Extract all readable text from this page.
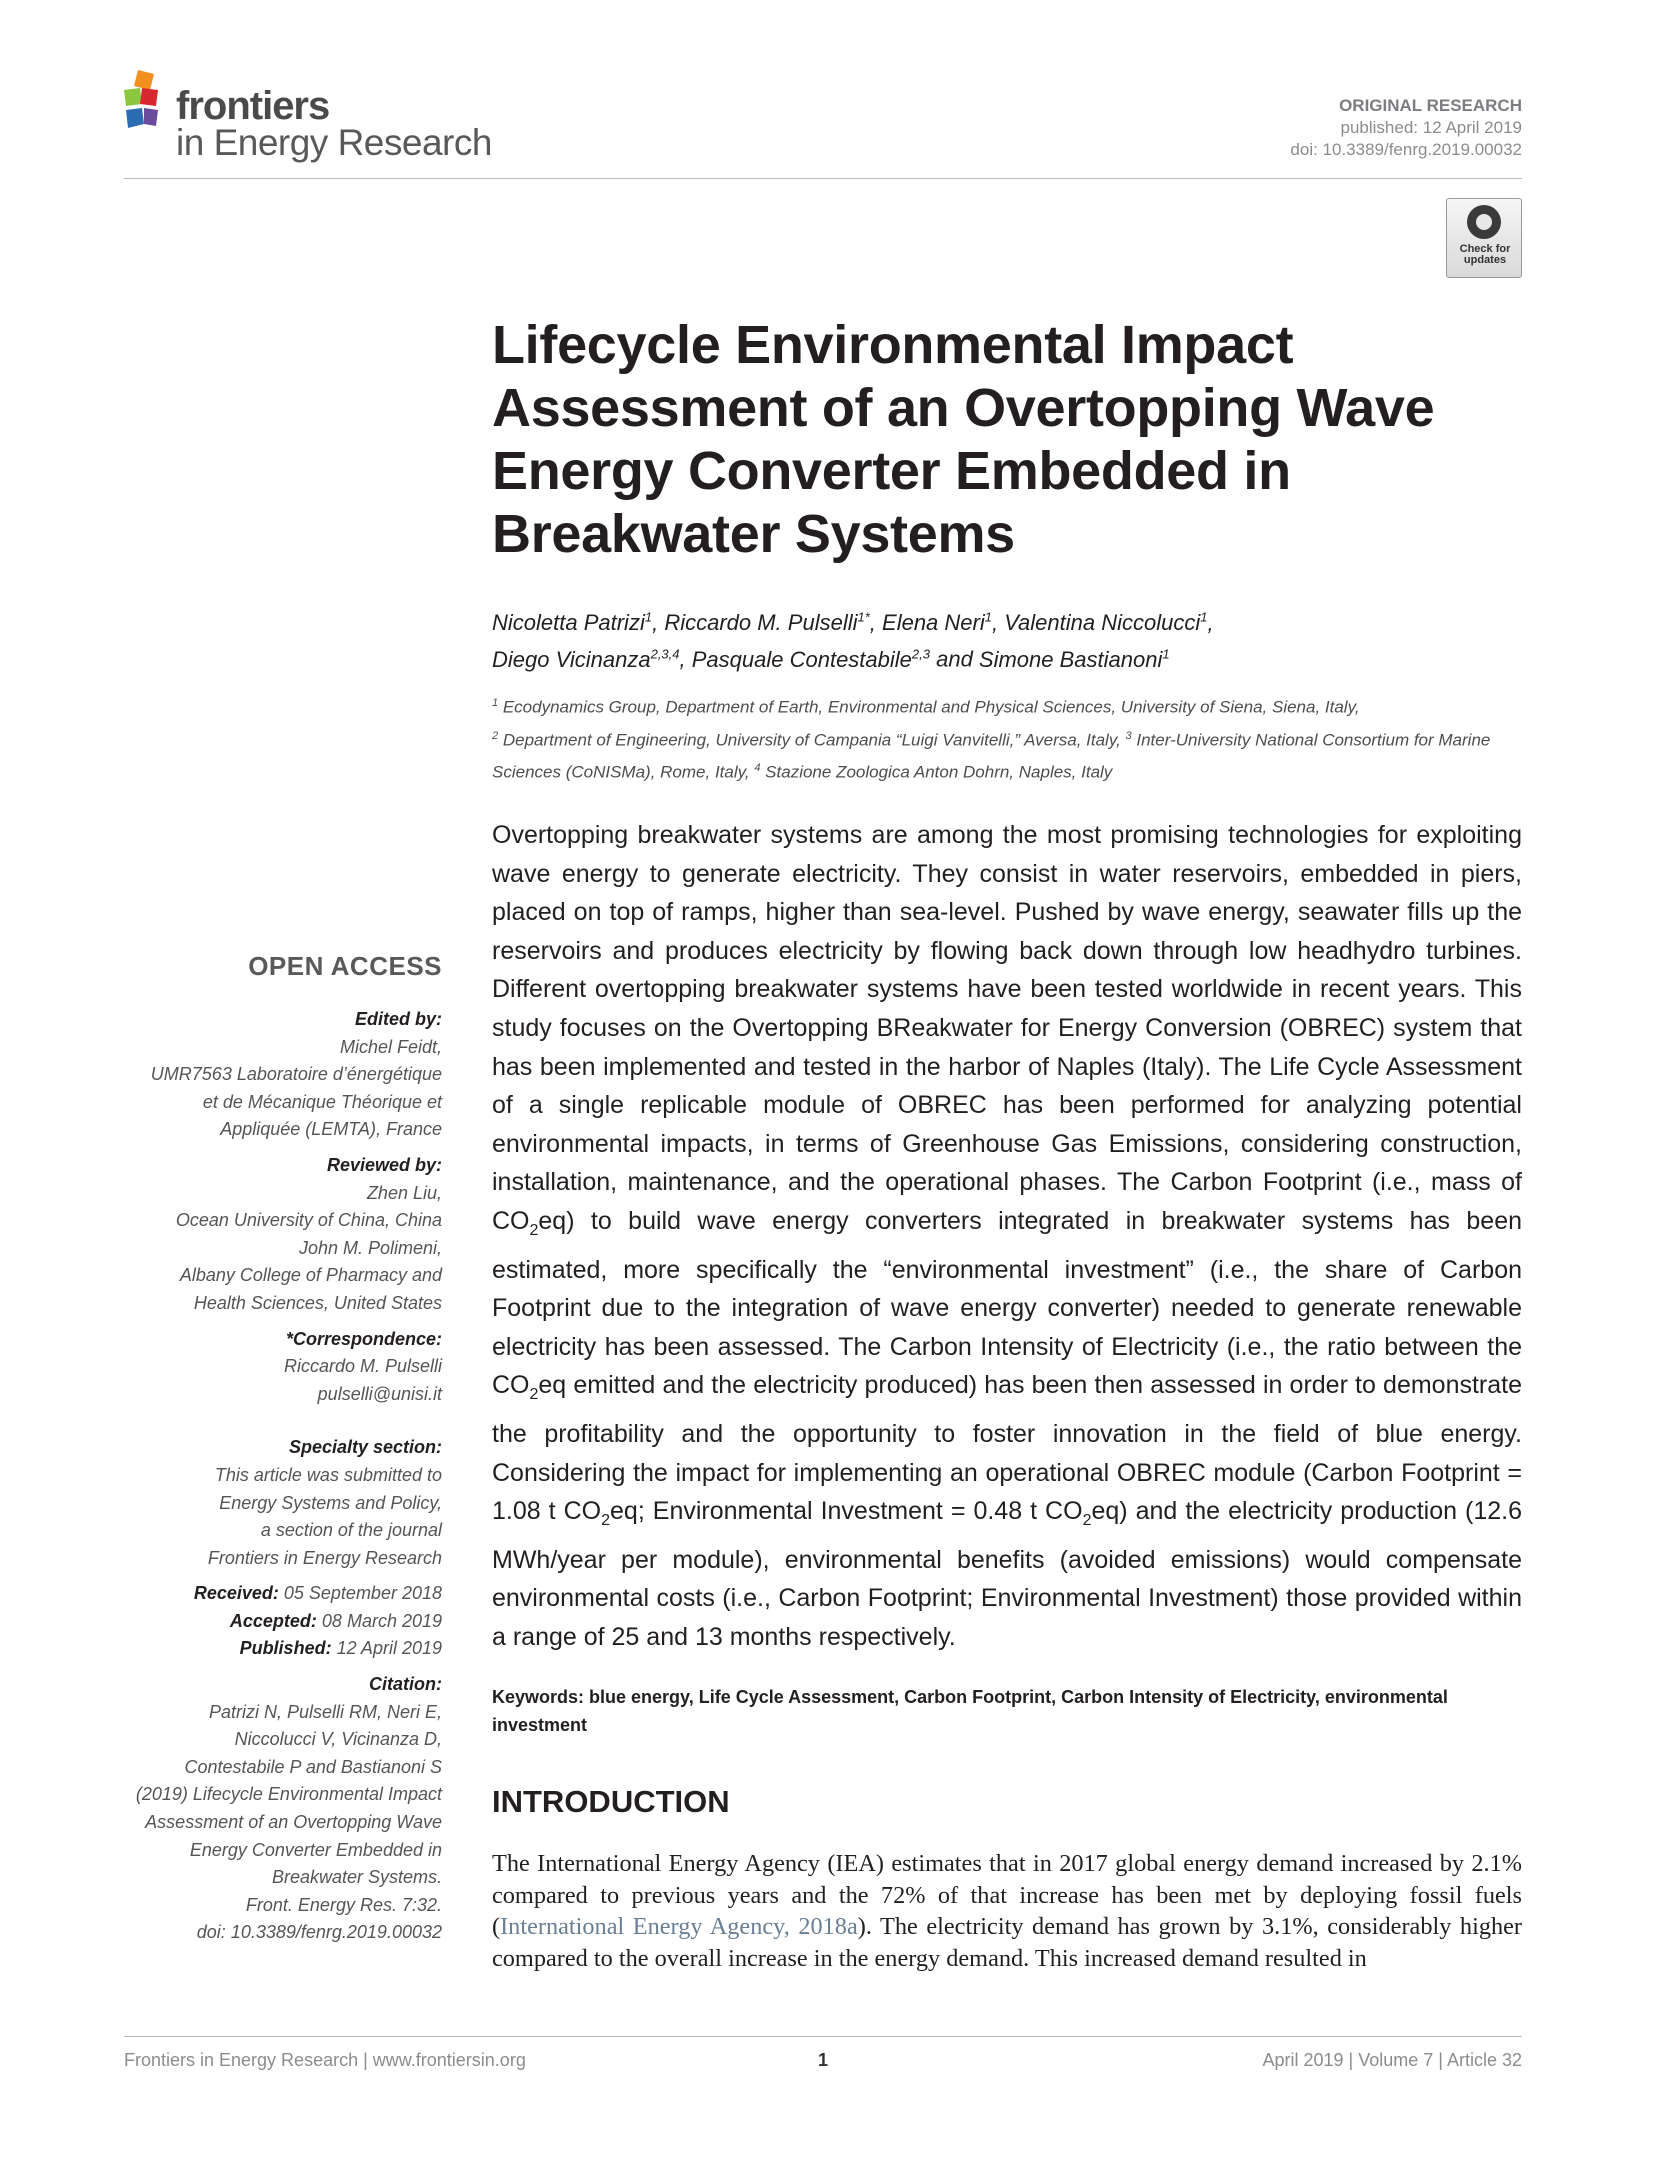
frontiers
in Energy Research
ORIGINAL RESEARCH
published: 12 April 2019
doi: 10.3389/fenrg.2019.00032
Check for updates
Lifecycle Environmental Impact Assessment of an Overtopping Wave Energy Converter Embedded in Breakwater Systems
Nicoletta Patrizi$^1$, Riccardo M. Pulselli$^{1*}$, Elena Neri$^1$, Valentina Niccolucci$^1$,
Diego Vicinanza$^{2,3,4}$, Pasquale Contestabile$^{2,3}$ and Simone Bastianoni$^1$
$^1$ Ecodynamics Group, Department of Earth, Environmental and Physical Sciences, University of Siena, Siena, Italy,
$^2$ Department of Engineering, University of Campania “Luigi Vanvitelli,” Aversa, Italy, $^3$ Inter-University National Consortium for Marine Sciences (CoNISMa), Rome, Italy, $^4$ Stazione Zoologica Anton Dohrn, Naples, Italy
Overtopping breakwater systems are among the most promising technologies for exploiting wave energy to generate electricity. They consist in water reservoirs, embedded in piers, placed on top of ramps, higher than sea-level. Pushed by wave energy, seawater fills up the reservoirs and produces electricity by flowing back down through low headhydro turbines. Different overtopping breakwater systems have been tested worldwide in recent years. This study focuses on the Overtopping BReakwater for Energy Conversion (OBREC) system that has been implemented and tested in the harbor of Naples (Italy). The Life Cycle Assessment of a single replicable module of OBREC has been performed for analyzing potential environmental impacts, in terms of Greenhouse Gas Emissions, considering construction, installation, maintenance, and the operational phases. The Carbon Footprint (i.e., mass of $CO_2eq$) to build wave energy converters integrated in breakwater systems has been estimated, more specifically the “environmental investment” (i.e., the share of Carbon Footprint due to the integration of wave energy converter) needed to generate renewable electricity has been assessed. The Carbon Intensity of Electricity (i.e., the ratio between the $CO_2eq$ emitted and the electricity produced) has been then assessed in order to demonstrate the profitability and the opportunity to foster innovation in the field of blue energy. Considering the impact for implementing an operational OBREC module (Carbon Footprint = 1.08 t $CO_2eq$; Environmental Investment = 0.48 t $CO_2eq$) and the electricity production (12.6 MWh/year per module), environmental benefits (avoided emissions) would compensate environmental costs (i.e., Carbon Footprint; Environmental Investment) those provided within a range of 25 and 13 months respectively.
Keywords: blue energy, Life Cycle Assessment, Carbon Footprint, Carbon Intensity of Electricity, environmental investment
INTRODUCTION
The International Energy Agency (IEA) estimates that in 2017 global energy demand increased by 2.1% compared to previous years and the 72% of that increase has been met by deploying fossil fuels (International Energy Agency, 2018a). The electricity demand has grown by 3.1%, considerably higher compared to the overall increase in the energy demand. This increased demand resulted in
OPEN ACCESS
Edited by:
Michel Feidt,
UMR7563 Laboratoire d’énergétique
et de Mécanique Théorique et
Appliquée (LEMTA), France
Reviewed by:
Zhen Liu,
Ocean University of China, China
John M. Polimeni,
Albany College of Pharmacy and
Health Sciences, United States
*Correspondence:
Riccardo M. Pulselli
pulselli@unisi.it
Specialty section:
This article was submitted to
Energy Systems and Policy,
a section of the journal
Frontiers in Energy Research
Received: 05 September 2018
Accepted: 08 March 2019
Published: 12 April 2019
Citation:
Patrizi N, Pulselli RM, Neri E,
Niccolucci V, Vicinanza D,
Contestabile P and Bastianoni S
(2019) Lifecycle Environmental Impact
Assessment of an Overtopping Wave
Energy Converter Embedded in
Breakwater Systems.
Front. Energy Res. 7:32.
doi: 10.3389/fenrg.2019.00032
Frontiers in Energy Research | www.frontiersin.org	1	April 2019 | Volume 7 | Article 32
